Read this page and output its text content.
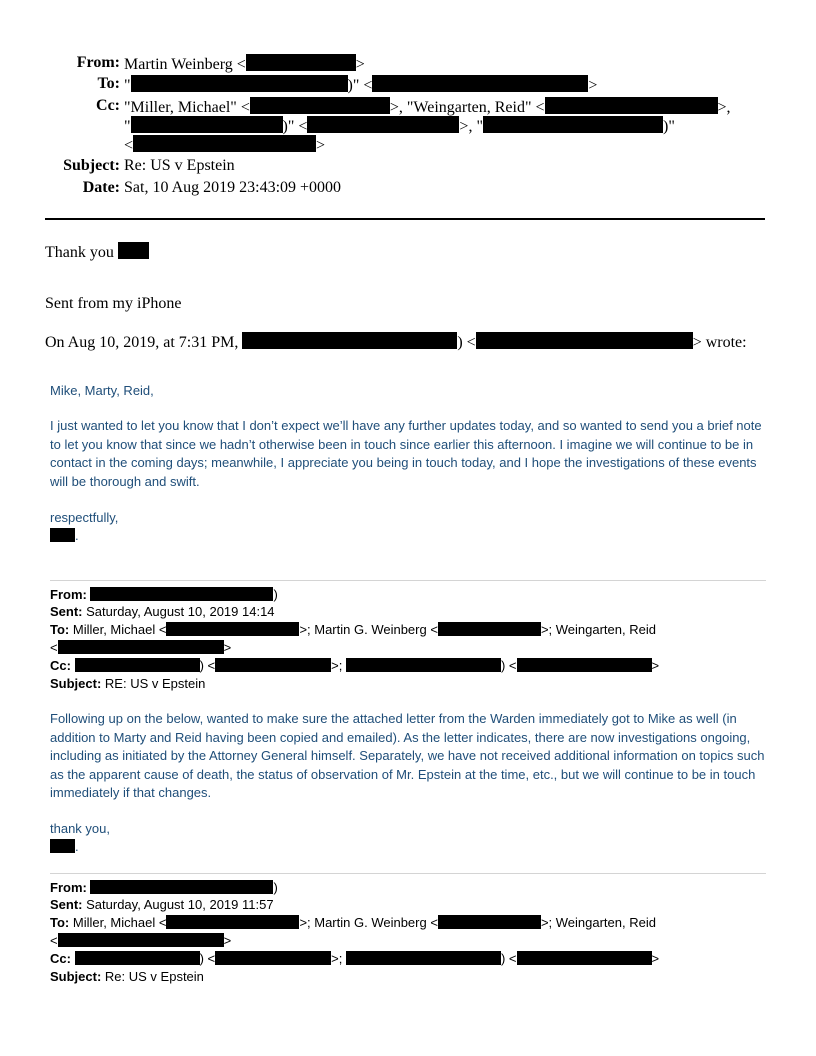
From: Martin Weinberg <	>
To: "	)" <	>
Cc: "Miller, Michael" <	>, "Weingarten, Reid" <	>,
"	)" <	>, "	)"
<	>
Subject: Re: US v Epstein
Date: Sat, 10 Aug 2019 23:43:09 +0000
Thank you
Sent from my iPhone
On Aug 10, 2019, at 7:31 PM,	) <	> wrote:
Mike, Marty, Reid,

I just wanted to let you know that I don’t expect we’ll have any further updates today, and so wanted to send you a brief note to let you know that since we hadn’t otherwise been in touch since earlier this afternoon. I imagine we will continue to be in contact in the coming days; meanwhile, I appreciate you being in touch today, and I hope the investigations of these events will be thorough and swift.

respectfully,
.
From:	)
Sent: Saturday, August 10, 2019 14:14
To: Miller, Michael <	>; Martin G. Weinberg <	>; Weingarten, Reid
<	>
Cc:	) <	>;	) <	>
Subject: RE: US v Epstein

Following up on the below, wanted to make sure the attached letter from the Warden immediately got to Mike as well (in addition to Marty and Reid having been copied and emailed). As the letter indicates, there are now investigations ongoing, including as initiated by the Attorney General himself. Separately, we have not received additional information on topics such as the apparent cause of death, the status of observation of Mr. Epstein at the time, etc., but we will continue to be in touch immediately if that changes.

thank you,
.
From:	)
Sent: Saturday, August 10, 2019 11:57
To: Miller, Michael <	>; Martin G. Weinberg <	>; Weingarten, Reid
<	>
Cc:	) <	>;	) <	>
Subject: Re: US v Epstein
